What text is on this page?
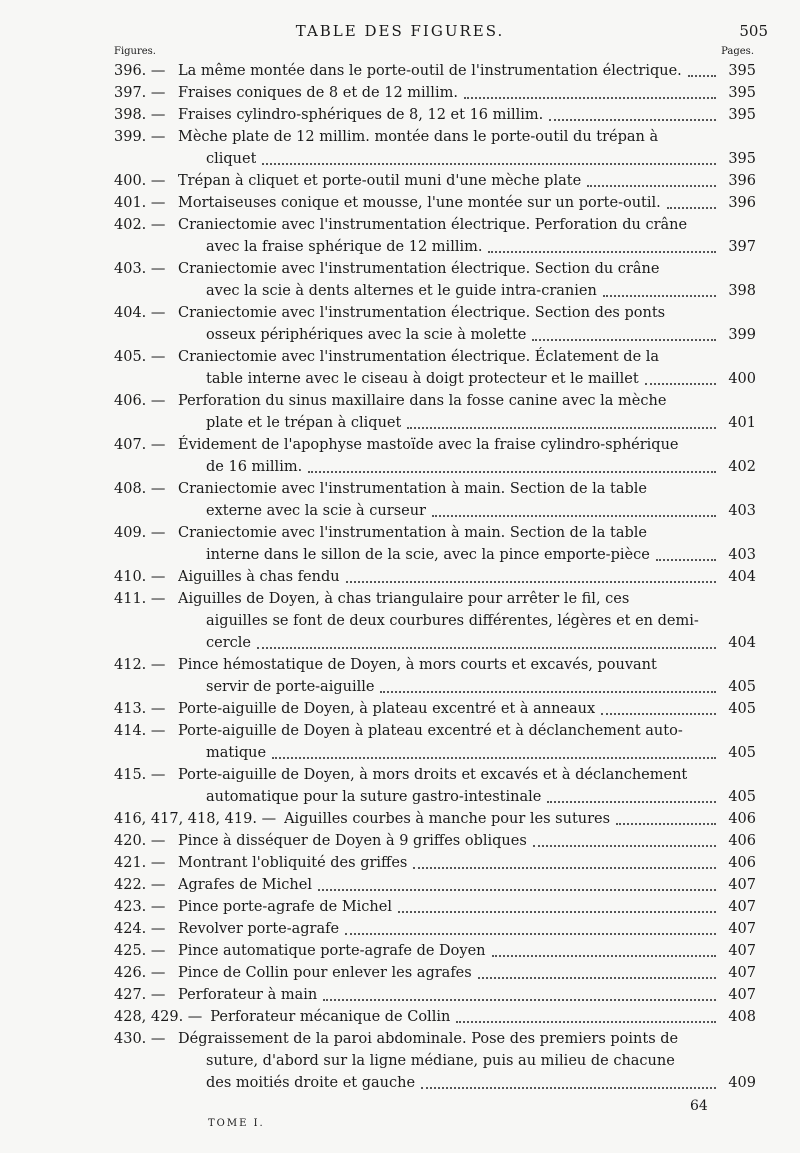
TABLE DES FIGURES.	505
Figures.	Pages.
396. — La même montée dans le porte-outil de l'instrumentation électrique.	395
397. — Fraises coniques de 8 et de 12 millim.	395
398. — Fraises cylindro-sphériques de 8, 12 et 16 millim.	395
399. — Mèche plate de 12 millim. montée dans le porte-outil du trépan à
cliquet	395
400. — Trépan à cliquet et porte-outil muni d'une mèche plate	396
401. — Mortaiseuses conique et mousse, l'une montée sur un porte-outil.	396
402. — Craniectomie avec l'instrumentation électrique. Perforation du crâne
avec la fraise sphérique de 12 millim.	397
403. — Craniectomie avec l'instrumentation électrique. Section du crâne
avec la scie à dents alternes et le guide intra-cranien	398
404. — Craniectomie avec l'instrumentation électrique. Section des ponts
osseux périphériques avec la scie à molette	399
405. — Craniectomie avec l'instrumentation électrique. Éclatement de la
table interne avec le ciseau à doigt protecteur et le maillet	400
406. — Perforation du sinus maxillaire dans la fosse canine avec la mèche
plate et le trépan à cliquet	401
407. — Évidement de l'apophyse mastoïde avec la fraise cylindro-sphérique
de 16 millim.	402
408. — Craniectomie avec l'instrumentation à main. Section de la table
externe avec la scie à curseur	403
409. — Craniectomie avec l'instrumentation à main. Section de la table
interne dans le sillon de la scie, avec la pince emporte-pièce	403
410. — Aiguilles à chas fendu	404
411. — Aiguilles de Doyen, à chas triangulaire pour arrêter le fil, ces
aiguilles se font de deux courbures différentes, légères et en demi-
cercle	404
412. — Pince hémostatique de Doyen, à mors courts et excavés, pouvant
servir de porte-aiguille	405
413. — Porte-aiguille de Doyen, à plateau excentré et à anneaux	405
414. — Porte-aiguille de Doyen à plateau excentré et à déclanchement auto-
matique	405
415. — Porte-aiguille de Doyen, à mors droits et excavés et à déclanchement
automatique pour la suture gastro-intestinale	405
416, 417, 418, 419. — Aiguilles courbes à manche pour les sutures	406
420. — Pince à disséquer de Doyen à 9 griffes obliques	406
421. — Montrant l'obliquité des griffes	406
422. — Agrafes de Michel	407
423. — Pince porte-agrafe de Michel	407
424. — Revolver porte-agrafe	407
425. — Pince automatique porte-agrafe de Doyen	407
426. — Pince de Collin pour enlever les agrafes	407
427. — Perforateur à main	407
428, 429. — Perforateur mécanique de Collin	408
430. — Dégraissement de la paroi abdominale. Pose des premiers points de
suture, d'abord sur la ligne médiane, puis au milieu de chacune
des moitiés droite et gauche	409
TOME I.
64
